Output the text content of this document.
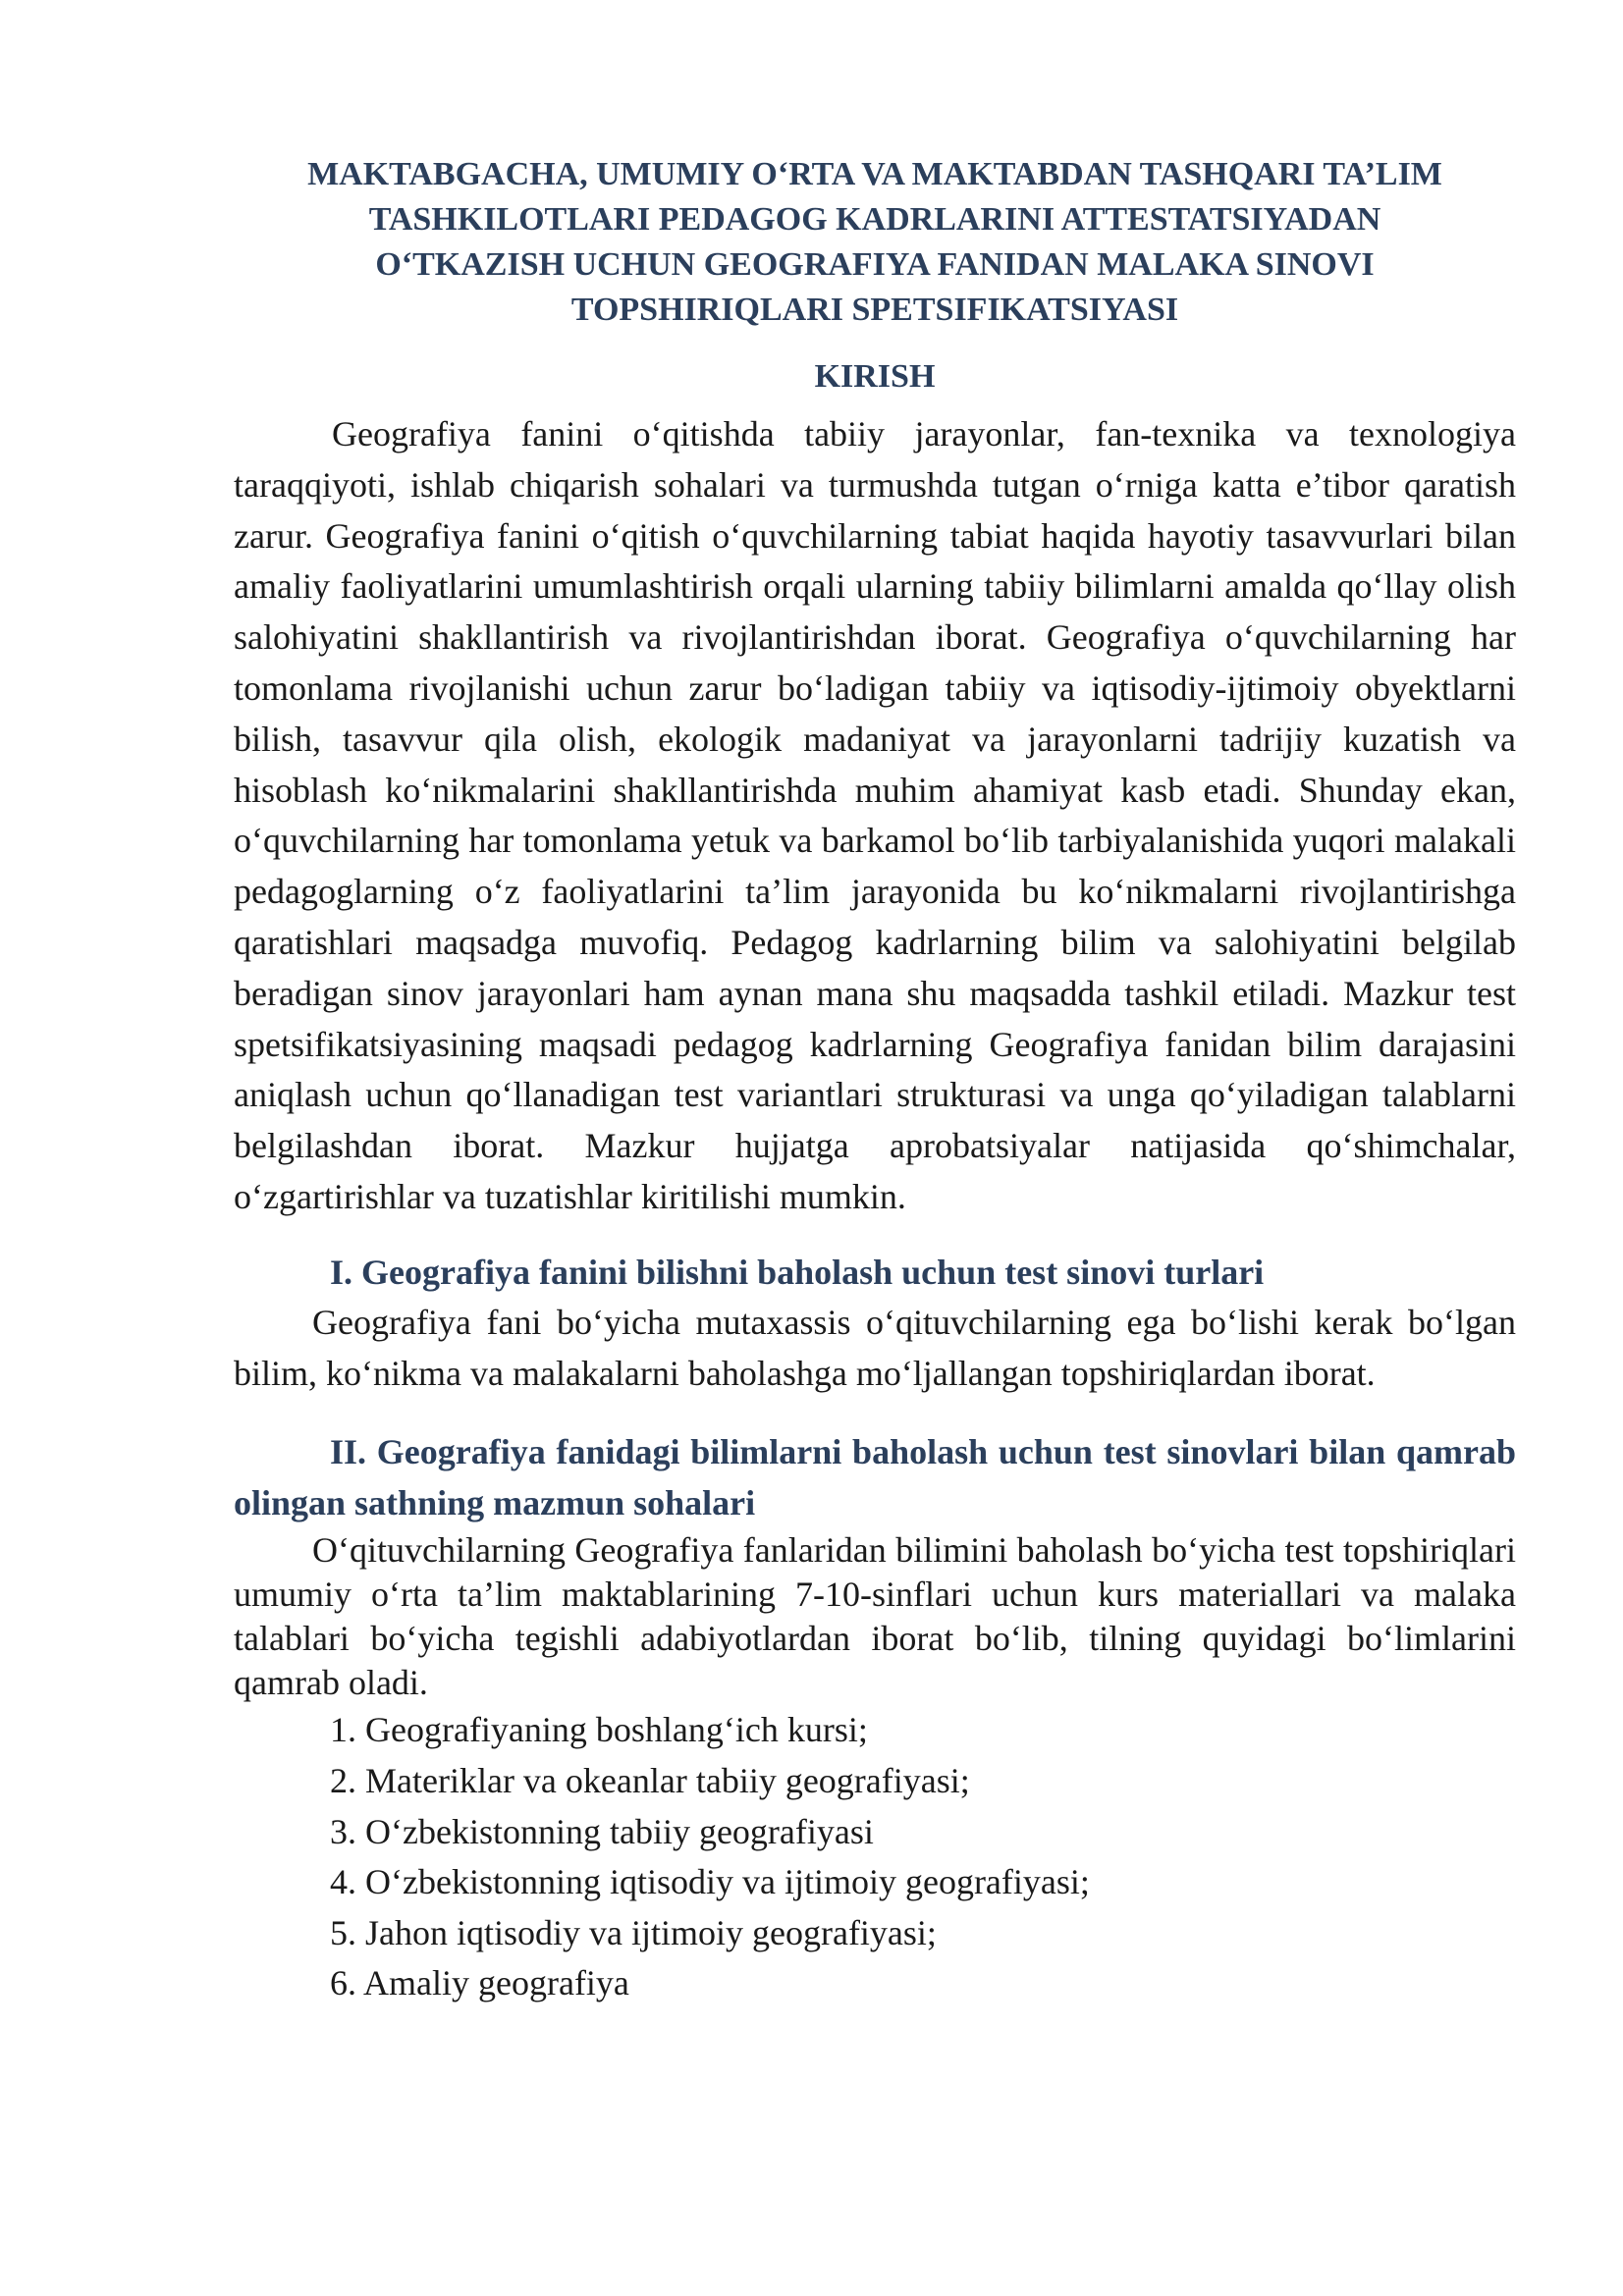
MAKTABGACHA, UMUMIY O‘RTA VA MAKTABDAN TASHQARI TA’LIM
TASHKILOTLARI PEDAGOG KADRLARINI ATTESTATSIYADAN
O‘TKAZISH UCHUN GEOGRAFIYA FANIDAN MALAKA SINOVI
TOPSHIRIQLARI SPETSIFIKATSIYASI
KIRISH

Geografiya fanini o‘qitishda tabiiy jarayonlar, fan-texnika va texnologiya taraqqiyoti, ishlab chiqarish sohalari va turmushda tutgan o‘rniga katta e’tibor qaratish zarur. Geografiya fanini o‘qitish o‘quvchilarning tabiat haqida hayotiy tasavvurlari bilan amaliy faoliyatlarini umumlashtirish orqali ularning tabiiy bilimlarni amalda qo‘llay olish salohiyatini shakllantirish va rivojlantirishdan iborat. Geografiya o‘quvchilarning har tomonlama rivojlanishi uchun zarur bo‘ladigan tabiiy va iqtisodiy-ijtimoiy obyektlarni bilish, tasavvur qila olish, ekologik madaniyat va jarayonlarni tadrijiy kuzatish va hisoblash ko‘nikmalarini shakllantirishda muhim ahamiyat kasb etadi. Shunday ekan, o‘quvchilarning har tomonlama yetuk va barkamol bo‘lib tarbiyalanishida yuqori malakali pedagoglarning o‘z faoliyatlarini ta’lim jarayonida bu ko‘nikmalarni rivojlantirishga qaratishlari maqsadga muvofiq. Pedagog kadrlarning bilim va salohiyatini belgilab beradigan sinov jarayonlari ham aynan mana shu maqsadda tashkil etiladi. Mazkur test spetsifikatsiyasining maqsadi pedagog kadrlarning Geografiya fanidan bilim darajasini aniqlash uchun qo‘llanadigan test variantlari strukturasi va unga qo‘yiladigan talablarni belgilashdan iborat. Mazkur hujjatga aprobatsiyalar natijasida qo‘shimchalar, o‘zgartirishlar va tuzatishlar kiritilishi mumkin.

I. Geografiya fanini bilishni baholash uchun test sinovi turlari

Geografiya fani bo‘yicha mutaxassis o‘qituvchilarning ega bo‘lishi kerak bo‘lgan bilim, ko‘nikma va malakalarni baholashga mo‘ljallangan topshiriqlardan iborat.

II. Geografiya fanidagi bilimlarni baholash uchun test sinovlari bilan qamrab olingan sathning mazmun sohalari

O‘qituvchilarning Geografiya fanlaridan bilimini baholash bo‘yicha test topshiriqlari umumiy o‘rta ta’lim maktablarining 7-10-sinflari uchun kurs materiallari va malaka talablari bo‘yicha tegishli adabiyotlardan iborat bo‘lib, tilning quyidagi bo‘limlarini qamrab oladi.

1. Geografiyaning boshlang‘ich kursi;
2. Materiklar va okeanlar tabiiy geografiyasi;
3. O‘zbekistonning tabiiy geografiyasi
4. O‘zbekistonning iqtisodiy va ijtimoiy geografiyasi;
5. Jahon iqtisodiy va ijtimoiy geografiyasi;
6. Amaliy geografiya
